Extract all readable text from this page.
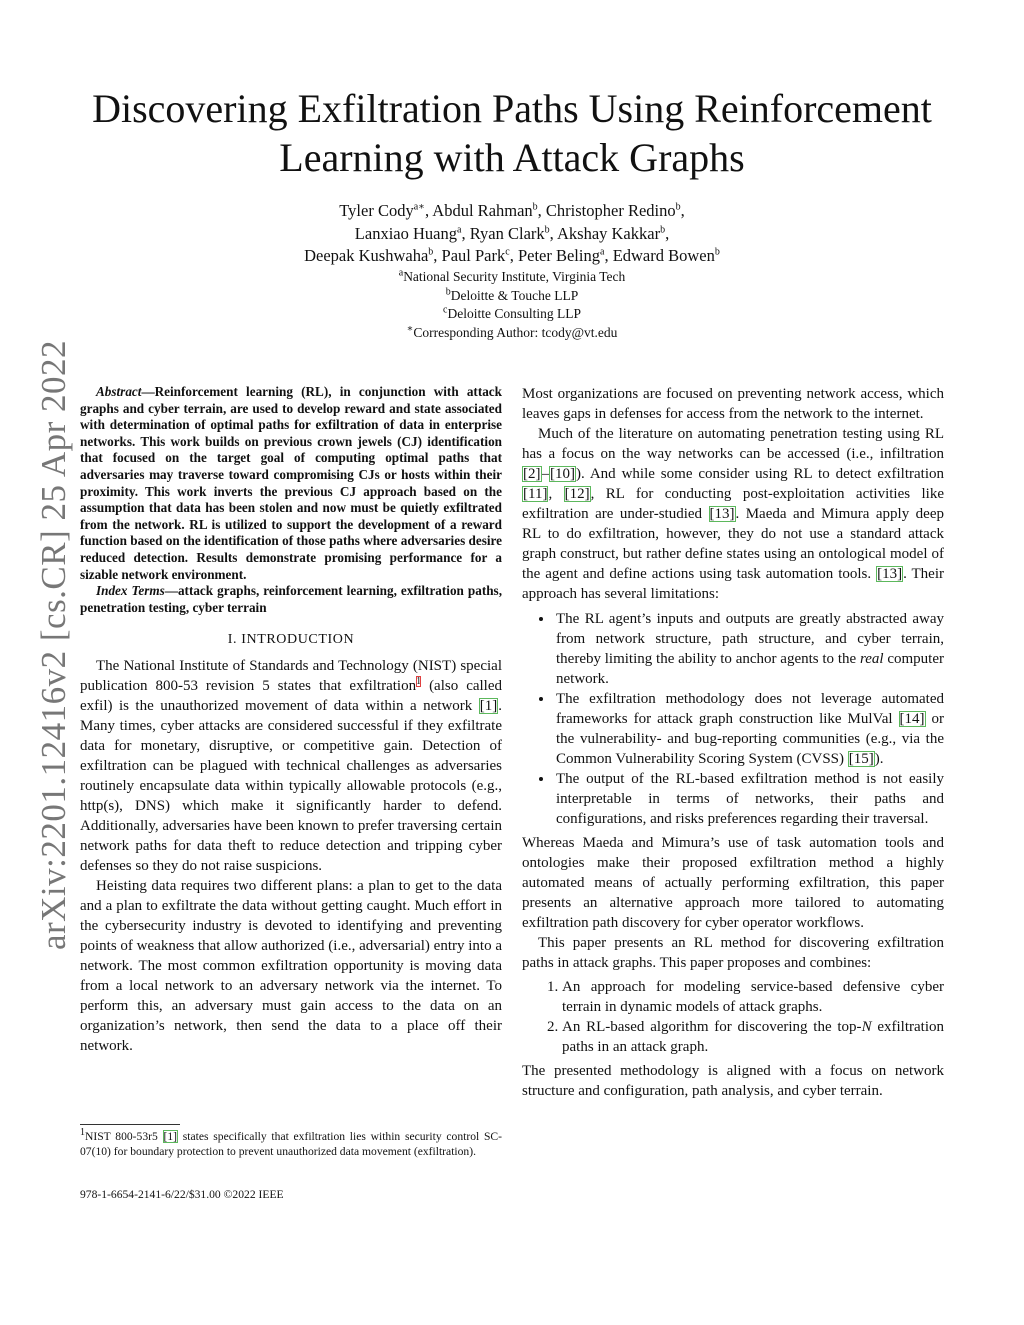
Discovering Exfiltration Paths Using Reinforcement Learning with Attack Graphs
Tyler Cody$^{a∗}$, Abdul Rahman$^b$, Christopher Redino$^b$,
Lanxiao Huang$^a$, Ryan Clark$^b$, Akshay Kakkar$^b$,
Deepak Kushwaha$^b$, Paul Park$^c$, Peter Beling$^a$, Edward Bowen$^b$
$^a$National Security Institute, Virginia Tech
$^b$Deloitte & Touche LLP
$^c$Deloitte Consulting LLP
∗Corresponding Author: tcody@vt.edu
arXiv:2201.12416v2 [cs.CR] 25 Apr 2022	Abstract—Reinforcement learning (RL), in conjunction with attack graphs and cyber terrain, are used to develop reward and state associated with determination of optimal paths for exfiltration of data in enterprise networks. This work builds on previous crown jewels (CJ) identification that focused on the target goal of computing optimal paths that adversaries may traverse toward compromising CJs or hosts within their proximity. This work inverts the previous CJ approach based on the assumption that data has been stolen and now must be quietly exfiltrated from the network. RL is utilized to support the development of a reward function based on the identification of those paths where adversaries desire reduced detection. Results demonstrate promising performance for a sizable network environment.

Index Terms—attack graphs, reinforcement learning, exfiltration paths, penetration testing, cyber terrain

I. INTRODUCTION

The National Institute of Standards and Technology (NIST) special publication 800-53 revision 5 states that exfiltration$^1$ (also called exfil) is the unauthorized movement of data within a network [1]. Many times, cyber attacks are considered successful if they exfiltrate data for monetary, disruptive, or competitive gain. Detection of exfiltration can be plagued with technical challenges as adversaries routinely encapsulate data within typically allowable protocols (e.g., http(s), DNS) which make it significantly harder to defend. Additionally, adversaries have been known to prefer traversing certain network paths for data theft to reduce detection and tripping cyber defenses so they do not raise suspicions.

Heisting data requires two different plans: a plan to get to the data and a plan to exfiltrate the data without getting caught. Much effort in the cybersecurity industry is devoted to identifying and preventing points of weakness that allow authorized (i.e., adversarial) entry into a network. The most common exfiltration opportunity is moving data from a local network to an adversary network via the internet. To perform this, an adversary must gain access to the data on an organization’s network, then send the data to a place off their network.

$^1$NIST 800-53r5 [1] states specifically that exfiltration lies within security control SC-07(10) for boundary protection to prevent unauthorized data movement (exfiltration).
978-1-6654-2141-6/22/$31.00 ©2022 IEEE

Most organizations are focused on preventing network access, which leaves gaps in defenses for access from the network to the internet.

Much of the literature on automating penetration testing using RL has a focus on the way networks can be accessed (i.e., infiltration [2]–[10]). And while some consider using RL to detect exfiltration [11], [12], RL for conducting post-exploitation activities like exfiltration are under-studied [13]. Maeda and Mimura apply deep RL to do exfiltration, however, they do not use a standard attack graph construct, but rather define states using an ontological model of the agent and define actions using task automation tools. [13]. Their approach has several limitations:

• The RL agent’s inputs and outputs are greatly abstracted away from network structure, path structure, and cyber terrain, thereby limiting the ability to anchor agents to the real computer network.
• The exfiltration methodology does not leverage automated frameworks for attack graph construction like MulVal [14] or the vulnerability- and bug-reporting communities (e.g., via the Common Vulnerability Scoring System (CVSS) [15]).
• The output of the RL-based exfiltration method is not easily interpretable in terms of networks, their paths and configurations, and risks preferences regarding their traversal.

Whereas Maeda and Mimura’s use of task automation tools and ontologies make their proposed exfiltration method a highly automated means of actually performing exfiltration, this paper presents an alternative approach more tailored to automating exfiltration path discovery for cyber operator workflows.

This paper presents an RL method for discovering exfiltration paths in attack graphs. This paper proposes and combines:

1. An approach for modeling service-based defensive cyber terrain in dynamic models of attack graphs.
2. An RL-based algorithm for discovering the top-N exfiltration paths in an attack graph.

The presented methodology is aligned with a focus on network structure and configuration, path analysis, and cyber terrain.
